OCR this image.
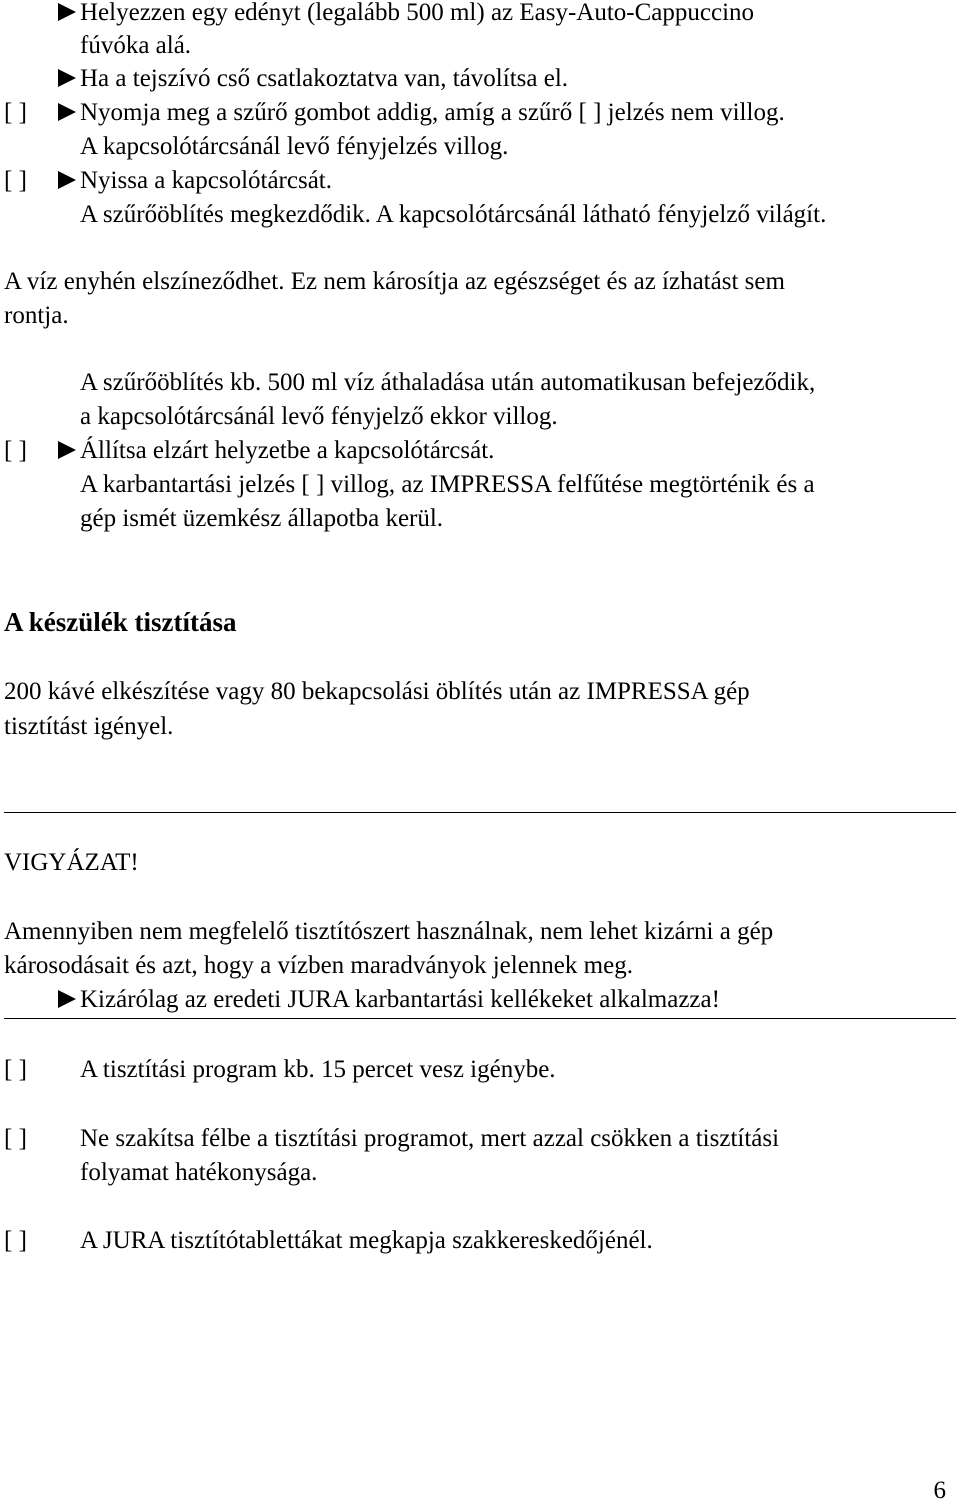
Helyezzen egy edényt (legalább 500 ml) az Easy-Auto-Cappuccino
fúvóka alá.
Ha a tejszívó cső csatlakoztatva van, távolítsa el.
[ ]	Nyomja meg a szűrő gombot addig, amíg a szűrő [ ] jelzés nem villog.
A kapcsolótárcsánál levő fényjelzés villog.
[ ]	Nyissa a kapcsolótárcsát.
A szűrőöblítés megkezdődik. A kapcsolótárcsánál látható fényjelző világít.
A víz enyhén elszíneződhet. Ez nem károsítja az egészséget és az ízhatást sem
rontja.
A szűrőöblítés kb. 500 ml víz áthaladása után automatikusan befejeződik,
a kapcsolótárcsánál levő fényjelző ekkor villog.
[ ]	Állítsa elzárt helyzetbe a kapcsolótárcsát.
A karbantartási jelzés [ ] villog, az IMPRESSA felfűtése megtörténik és a
gép ismét üzemkész állapotba kerül.
A készülék tisztítása
200 kávé elkészítése vagy 80 bekapcsolási öblítés után az IMPRESSA gép
tisztítást igényel.
VIGYÁZAT!
Amennyiben nem megfelelő tisztítószert használnak, nem lehet kizárni a gép
károsodásait és azt, hogy a vízben maradványok jelennek meg.
Kizárólag az eredeti JURA karbantartási kellékeket alkalmazza!
[ ] A tisztítási program kb. 15 percet vesz igénybe.
[ ] Ne szakítsa félbe a tisztítási programot, mert azzal csökken a tisztítási
folyamat hatékonysága.
[ ] A JURA tisztítótablettákat megkapja szakkereskedőjénél.
6
